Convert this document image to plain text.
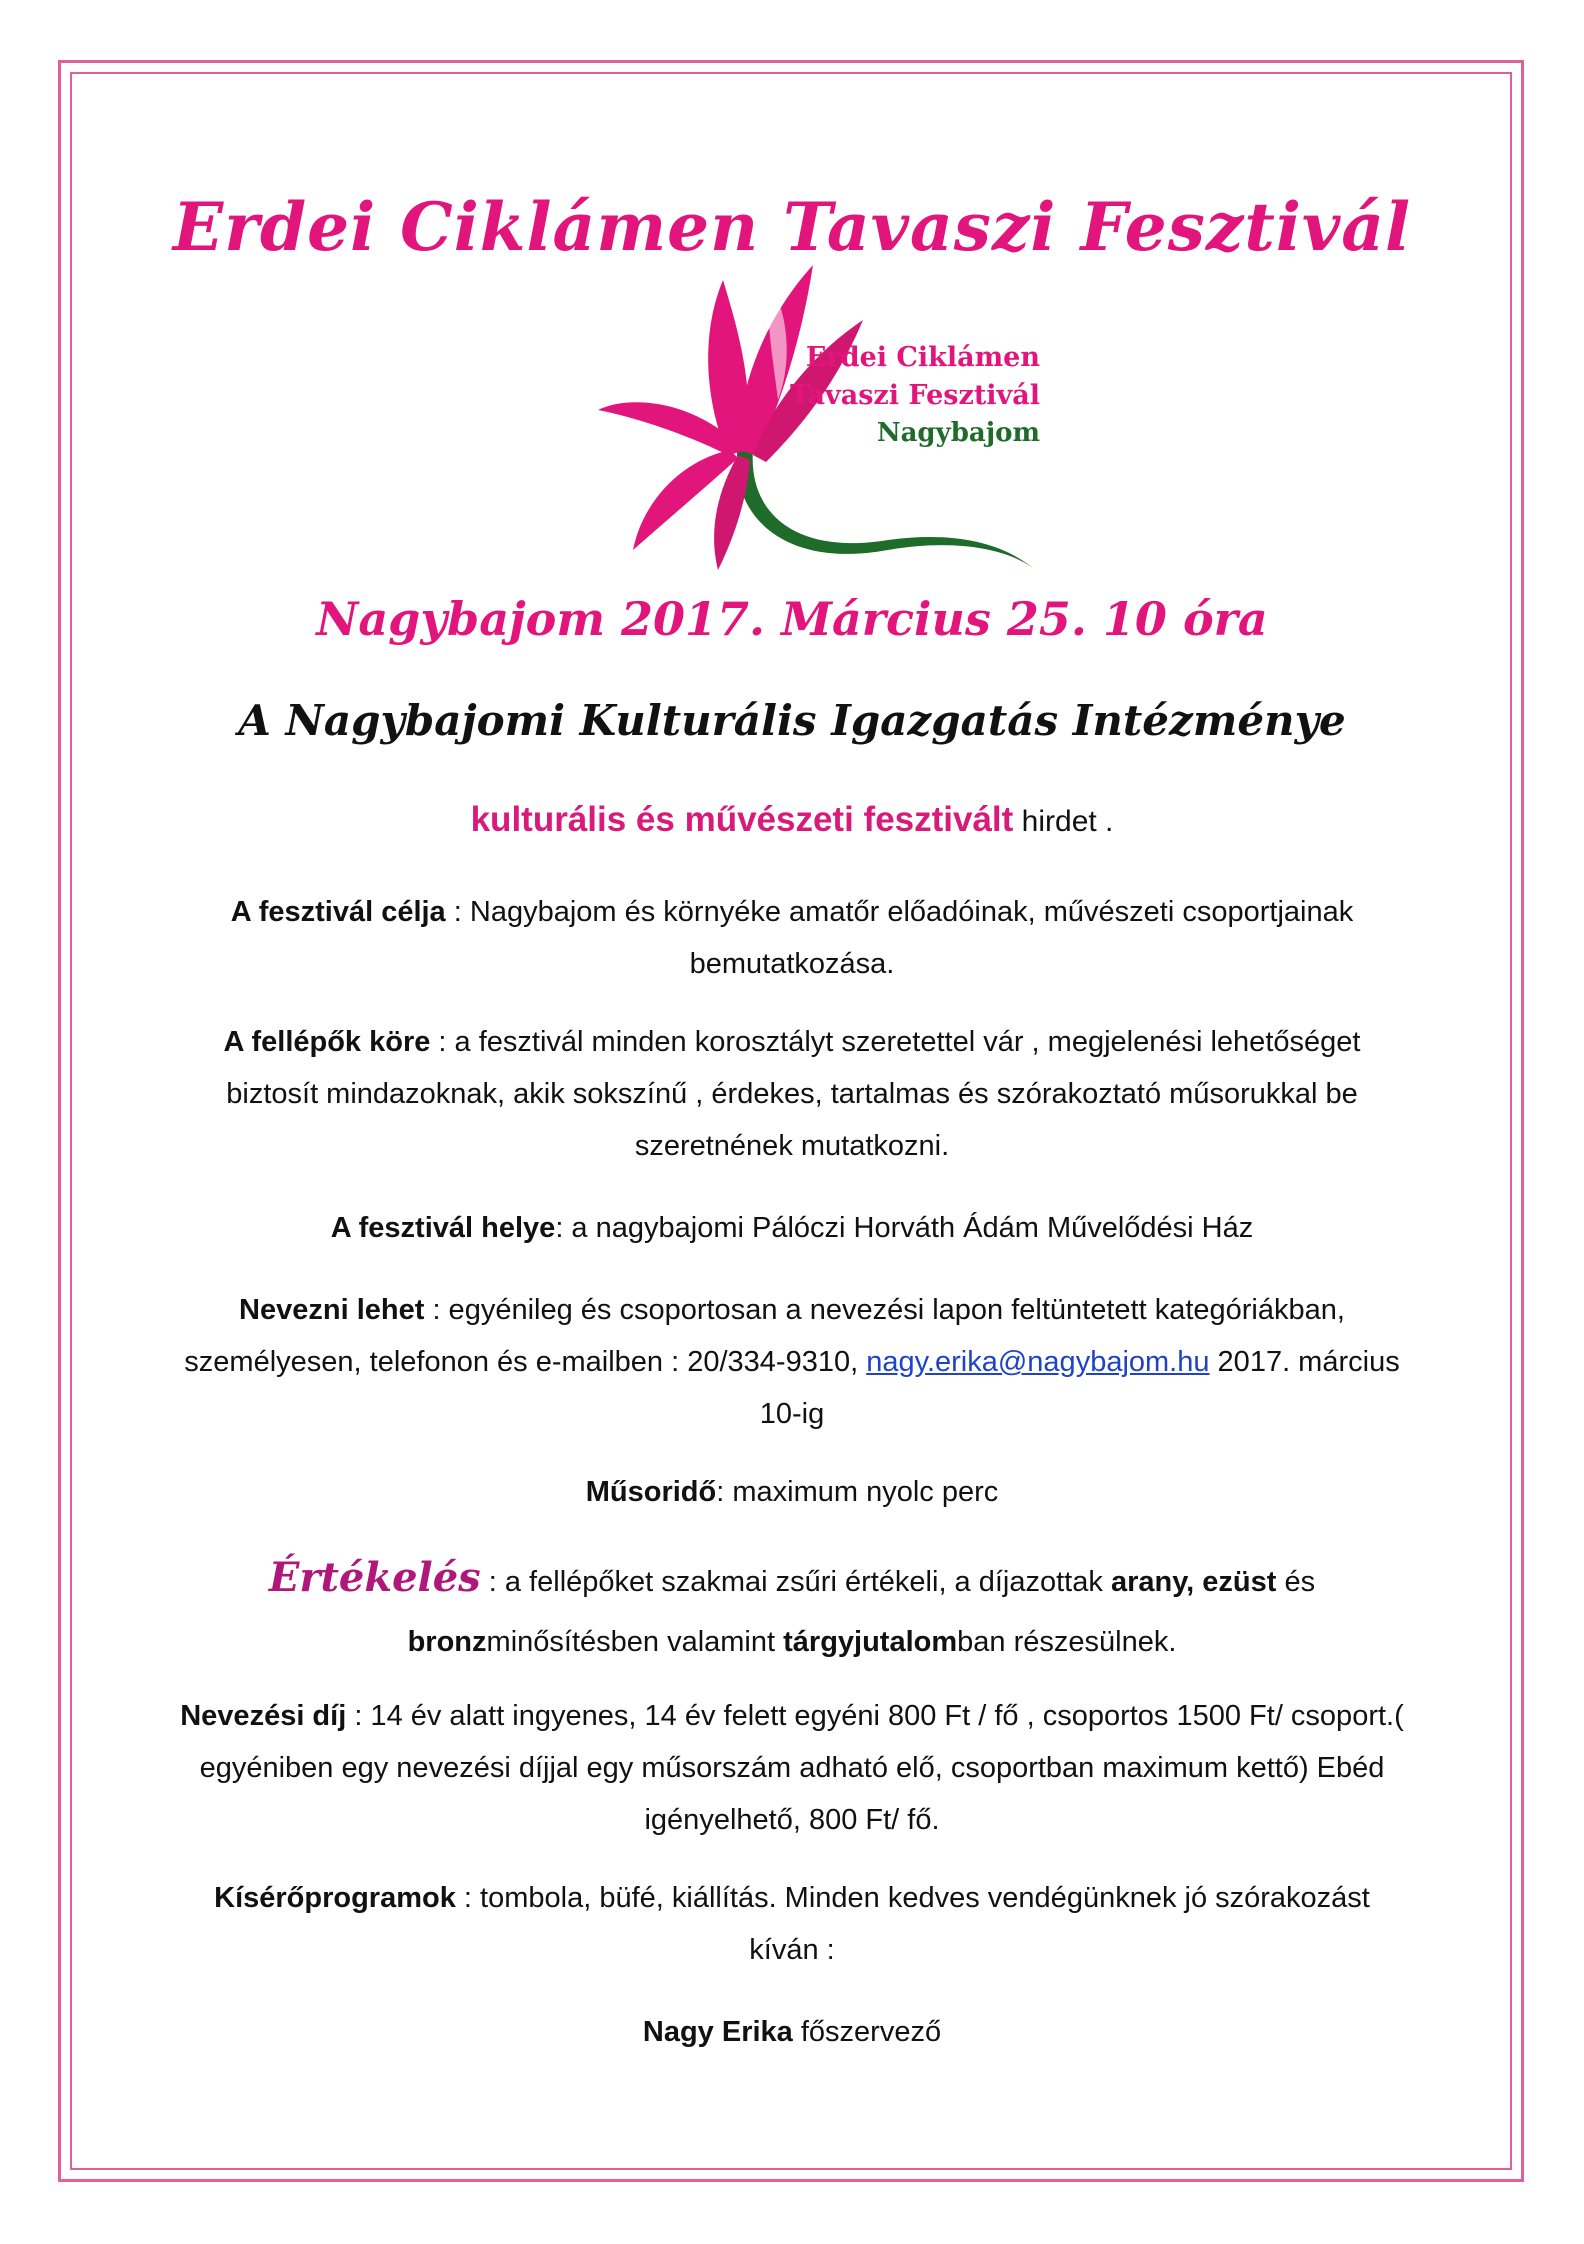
Erdei Ciklámen Tavaszi Fesztivál
Erdei Ciklámen
Tavaszi Fesztivál
Nagybajom
Nagybajom 2017. Március 25. 10 óra
A Nagybajomi Kulturális Igazgatás Intézménye

kulturális és művészeti fesztivált hirdet .

A fesztivál célja : Nagybajom és környéke amatőr előadóinak, művészeti csoportjainak bemutatkozása.

A fellépők köre : a fesztivál minden korosztályt szeretettel vár , megjelenési lehetőséget biztosít mindazoknak, akik sokszínű , érdekes, tartalmas és szórakoztató műsorukkal be szeretnének mutatkozni.

A fesztivál helye: a nagybajomi Pálóczi Horváth Ádám Művelődési Ház

Nevezni lehet : egyénileg és csoportosan a nevezési lapon feltüntetett kategóriákban, személyesen, telefonon és e-mailben : 20/334-9310, nagy.erika@nagybajom.hu 2017. március 10-ig

Műsoridő: maximum nyolc perc

Értékelés : a fellépőket szakmai zsűri értékeli, a díjazottak arany, ezüst és
bronzminősítésben valamint tárgyjutalomban részesülnek.

Nevezési díj : 14 év alatt ingyenes, 14 év felett egyéni 800 Ft / fő , csoportos 1500 Ft/ csoport.( egyéniben egy nevezési díjjal egy műsorszám adható elő, csoportban maximum kettő) Ebéd igényelhető, 800 Ft/ fő.

Kísérőprogramok : tombola, büfé, kiállítás. Minden kedves vendégünknek jó szórakozást kíván :

Nagy Erika főszervező
